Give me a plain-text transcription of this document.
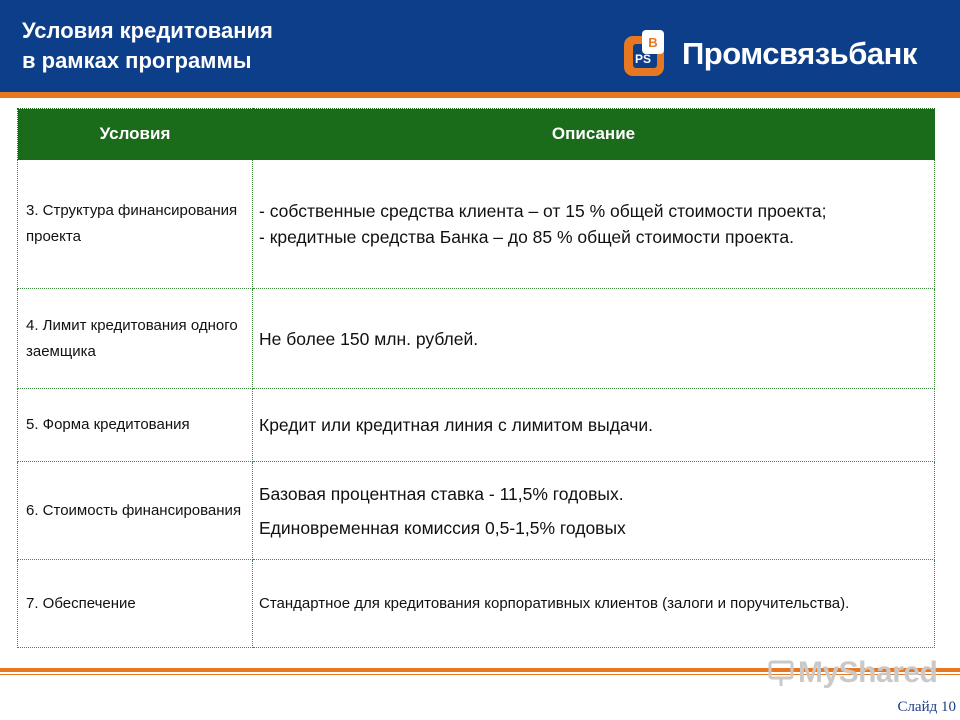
Условия кредитования
в рамках программы
B
PS Промсвязьбанк
Условия	Описание
3. Структура финансирования проекта	- собственные средства клиента – от 15 % общей стоимости проекта;
- кредитные средства Банка – до 85 % общей стоимости проекта.

4. Лимит кредитования одного заемщика	Не более 150 млн. рублей.

5. Форма кредитования	Кредит или кредитная линия с лимитом выдачи.

6. Стоимость финансирования	Базовая процентная ставка - 11,5% годовых.
Единовременная комиссия 0,5-1,5% годовых

7. Обеспечение	Стандартное для кредитования корпоративных клиентов (залоги и поручительства).
MyShared
Слайд 10
